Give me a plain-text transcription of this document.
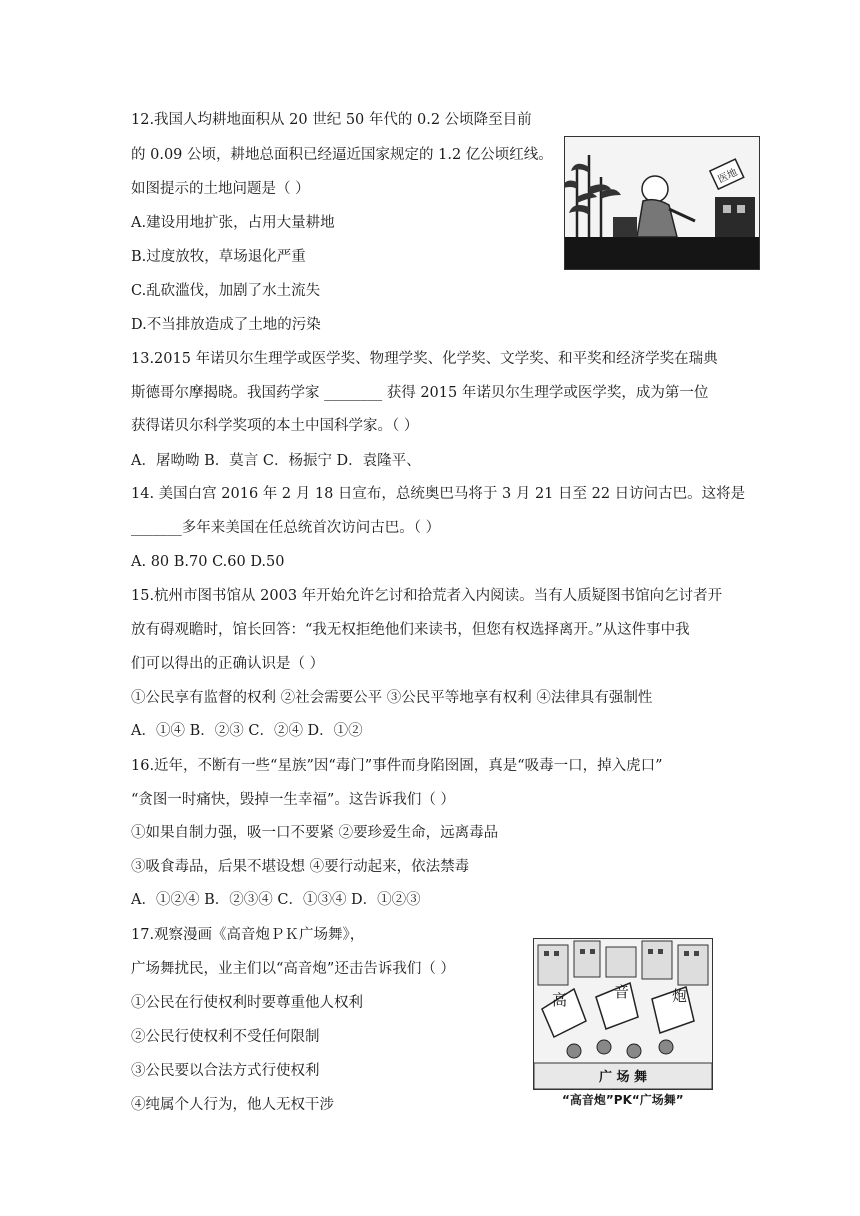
12.我国人均耕地面积从 20 世纪 50 年代的 0.2 公顷降至目前
的 0.09 公顷，耕地总面积已经逼近国家规定的 1.2 亿公顷红线。
如图提示的土地问题是（ ）
A.建设用地扩张，占用大量耕地
B.过度放牧，草场退化严重
C.乱砍滥伐，加剧了水土流失
D.不当排放造成了土地的污染
医地
13.2015 年诺贝尔生理学或医学奖、物理学奖、化学奖、文学奖、和平奖和经济学奖在瑞典
斯德哥尔摩揭晓。我国药学家 ________ 获得 2015 年诺贝尔生理学或医学奖，成为第一位
获得诺贝尔科学奖项的本土中国科学家。（ ）
A．屠呦呦 B．莫言 C．杨振宁 D．袁隆平、
14. 美国白宫 2016 年 2 月 18 日宣布，总统奥巴马将于 3 月 21 日至 22 日访问古巴。这将是
_______多年来美国在任总统首次访问古巴。（ ）
A. 80 B.70 C.60 D.50
15.杭州市图书馆从 2003 年开始允许乞讨和拾荒者入内阅读。当有人质疑图书馆向乞讨者开
放有碍观瞻时，馆长回答：“我无权拒绝他们来读书，但您有权选择离开。”从这件事中我
们可以得出的正确认识是（ ）
①公民享有监督的权利 ②社会需要公平 ③公民平等地享有权利 ④法律具有强制性
A．①④ B．②③ C．②④ D．①②
16.近年，不断有一些“星族”因“毒门”事件而身陷囹圄，真是“吸毒一口，掉入虎口”
“贪图一时痛快，毁掉一生幸福”。这告诉我们（ ）
①如果自制力强，吸一口不要紧 ②要珍爱生命，远离毒品
③吸食毒品，后果不堪设想 ④要行动起来，依法禁毒
A．①②④ B．②③④ C．①③④ D．①②③
17.观察漫画《高音炮ＰＫ广场舞》，
广场舞扰民，业主们以“高音炮”还击告诉我们（ ）
①公民在行使权利时要尊重他人权利
②公民行使权利不受任何限制
③公民要以合法方式行使权利
④纯属个人行为，他人无权干涉
高	音	炮
广 场 舞
“高音炮”PK“广场舞”
